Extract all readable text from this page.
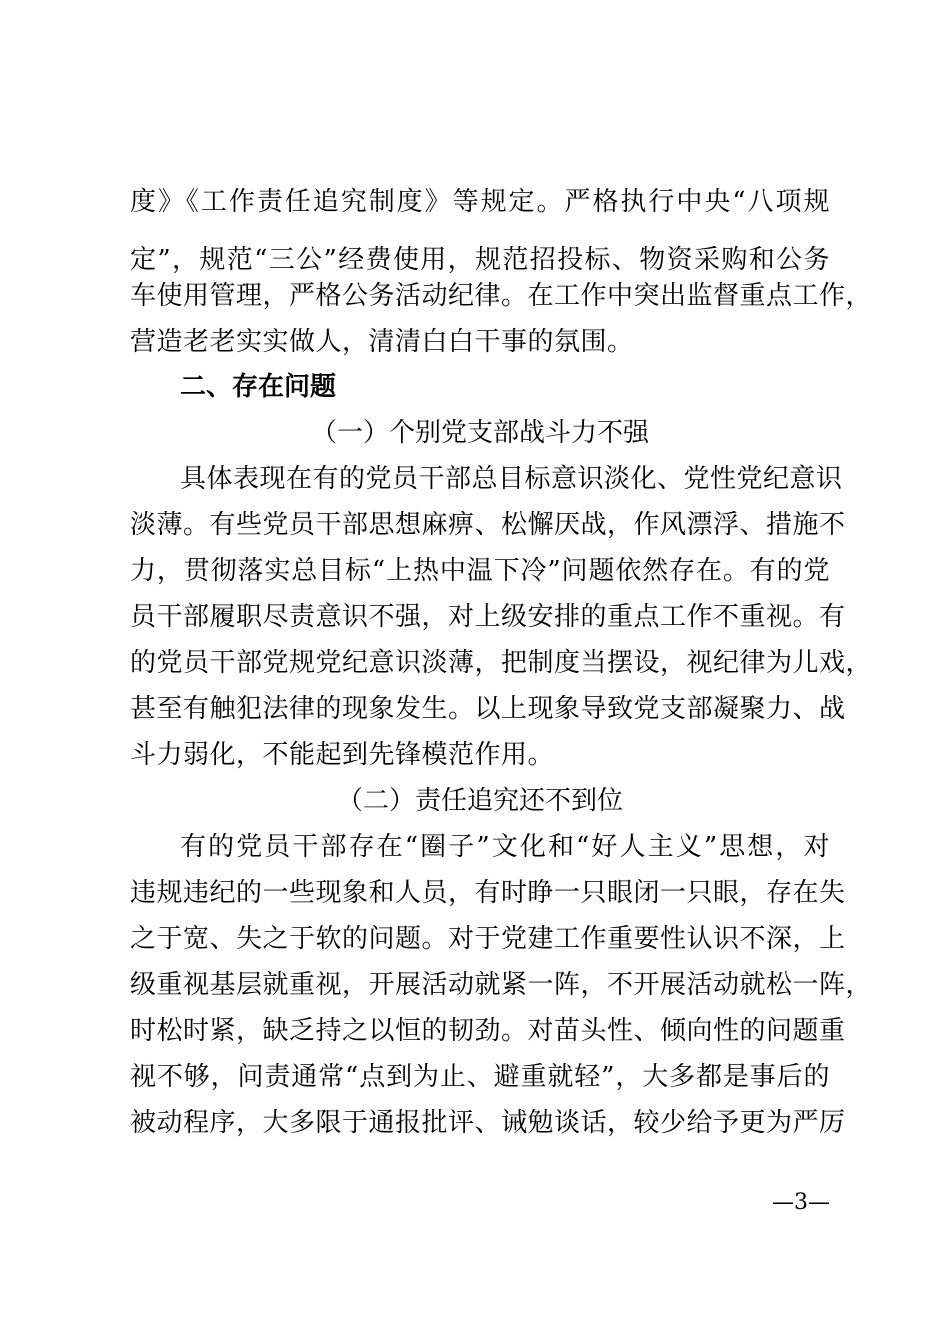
度》《工作责任追究制度》等规定。严格执行中央“八项规
定”，规范“三公”经费使用，规范招投标、物资采购和公务
车使用管理，严格公务活动纪律。在工作中突出监督重点工作，
营造老老实实做人，清清白白干事的氛围。
二、存在问题
（一）个别党支部战斗力不强
具体表现在有的党员干部总目标意识淡化、党性党纪意识
淡薄。有些党员干部思想麻痹、松懈厌战，作风漂浮、措施不
力，贯彻落实总目标“上热中温下冷”问题依然存在。有的党
员干部履职尽责意识不强，对上级安排的重点工作不重视。有
的党员干部党规党纪意识淡薄，把制度当摆设，视纪律为儿戏，
甚至有触犯法律的现象发生。以上现象导致党支部凝聚力、战
斗力弱化，不能起到先锋模范作用。
（二）责任追究还不到位
有的党员干部存在“圈子”文化和“好人主义”思想，对
违规违纪的一些现象和人员，有时睁一只眼闭一只眼，存在失
之于宽、失之于软的问题。对于党建工作重要性认识不深，上
级重视基层就重视，开展活动就紧一阵，不开展活动就松一阵，
时松时紧，缺乏持之以恒的韧劲。对苗头性、倾向性的问题重
视不够，问责通常“点到为止、避重就轻”，大多都是事后的
被动程序，大多限于通报批评、诫勉谈话，较少给予更为严厉
—3—
